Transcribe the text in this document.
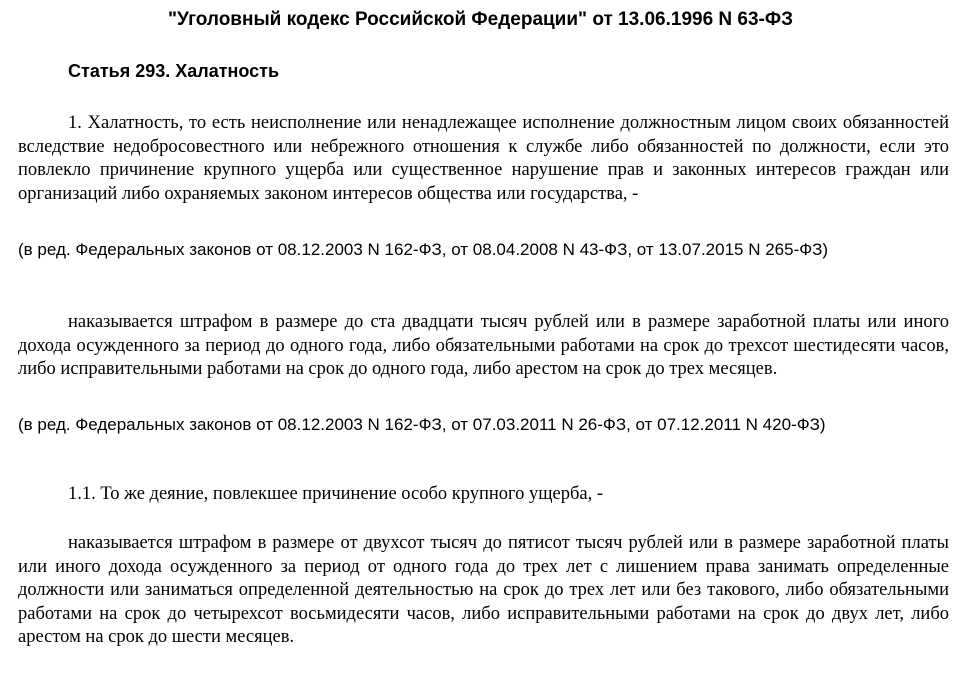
"Уголовный кодекс Российской Федерации" от 13.06.1996 N 63-ФЗ
Статья 293. Халатность

1. Халатность, то есть неисполнение или ненадлежащее исполнение должностным лицом своих обязанностей вследствие недобросовестного или небрежного отношения к службе либо обязанностей по должности, если это повлекло причинение крупного ущерба или существенное нарушение прав и законных интересов граждан или организаций либо охраняемых законом интересов общества или государства, -

(в ред. Федеральных законов от 08.12.2003 N 162-ФЗ, от 08.04.2008 N 43-ФЗ, от 13.07.2015 N 265-ФЗ)

наказывается штрафом в размере до ста двадцати тысяч рублей или в размере заработной платы или иного дохода осужденного за период до одного года, либо обязательными работами на срок до трехсот шестидесяти часов, либо исправительными работами на срок до одного года, либо арестом на срок до трех месяцев.

(в ред. Федеральных законов от 08.12.2003 N 162-ФЗ, от 07.03.2011 N 26-ФЗ, от 07.12.2011 N 420-ФЗ)

1.1. То же деяние, повлекшее причинение особо крупного ущерба, -

наказывается штрафом в размере от двухсот тысяч до пятисот тысяч рублей или в размере заработной платы или иного дохода осужденного за период от одного года до трех лет с лишением права занимать определенные должности или заниматься определенной деятельностью на срок до трех лет или без такового, либо обязательными работами на срок до четырехсот восьмидесяти часов, либо исправительными работами на срок до двух лет, либо арестом на срок до шести месяцев.
